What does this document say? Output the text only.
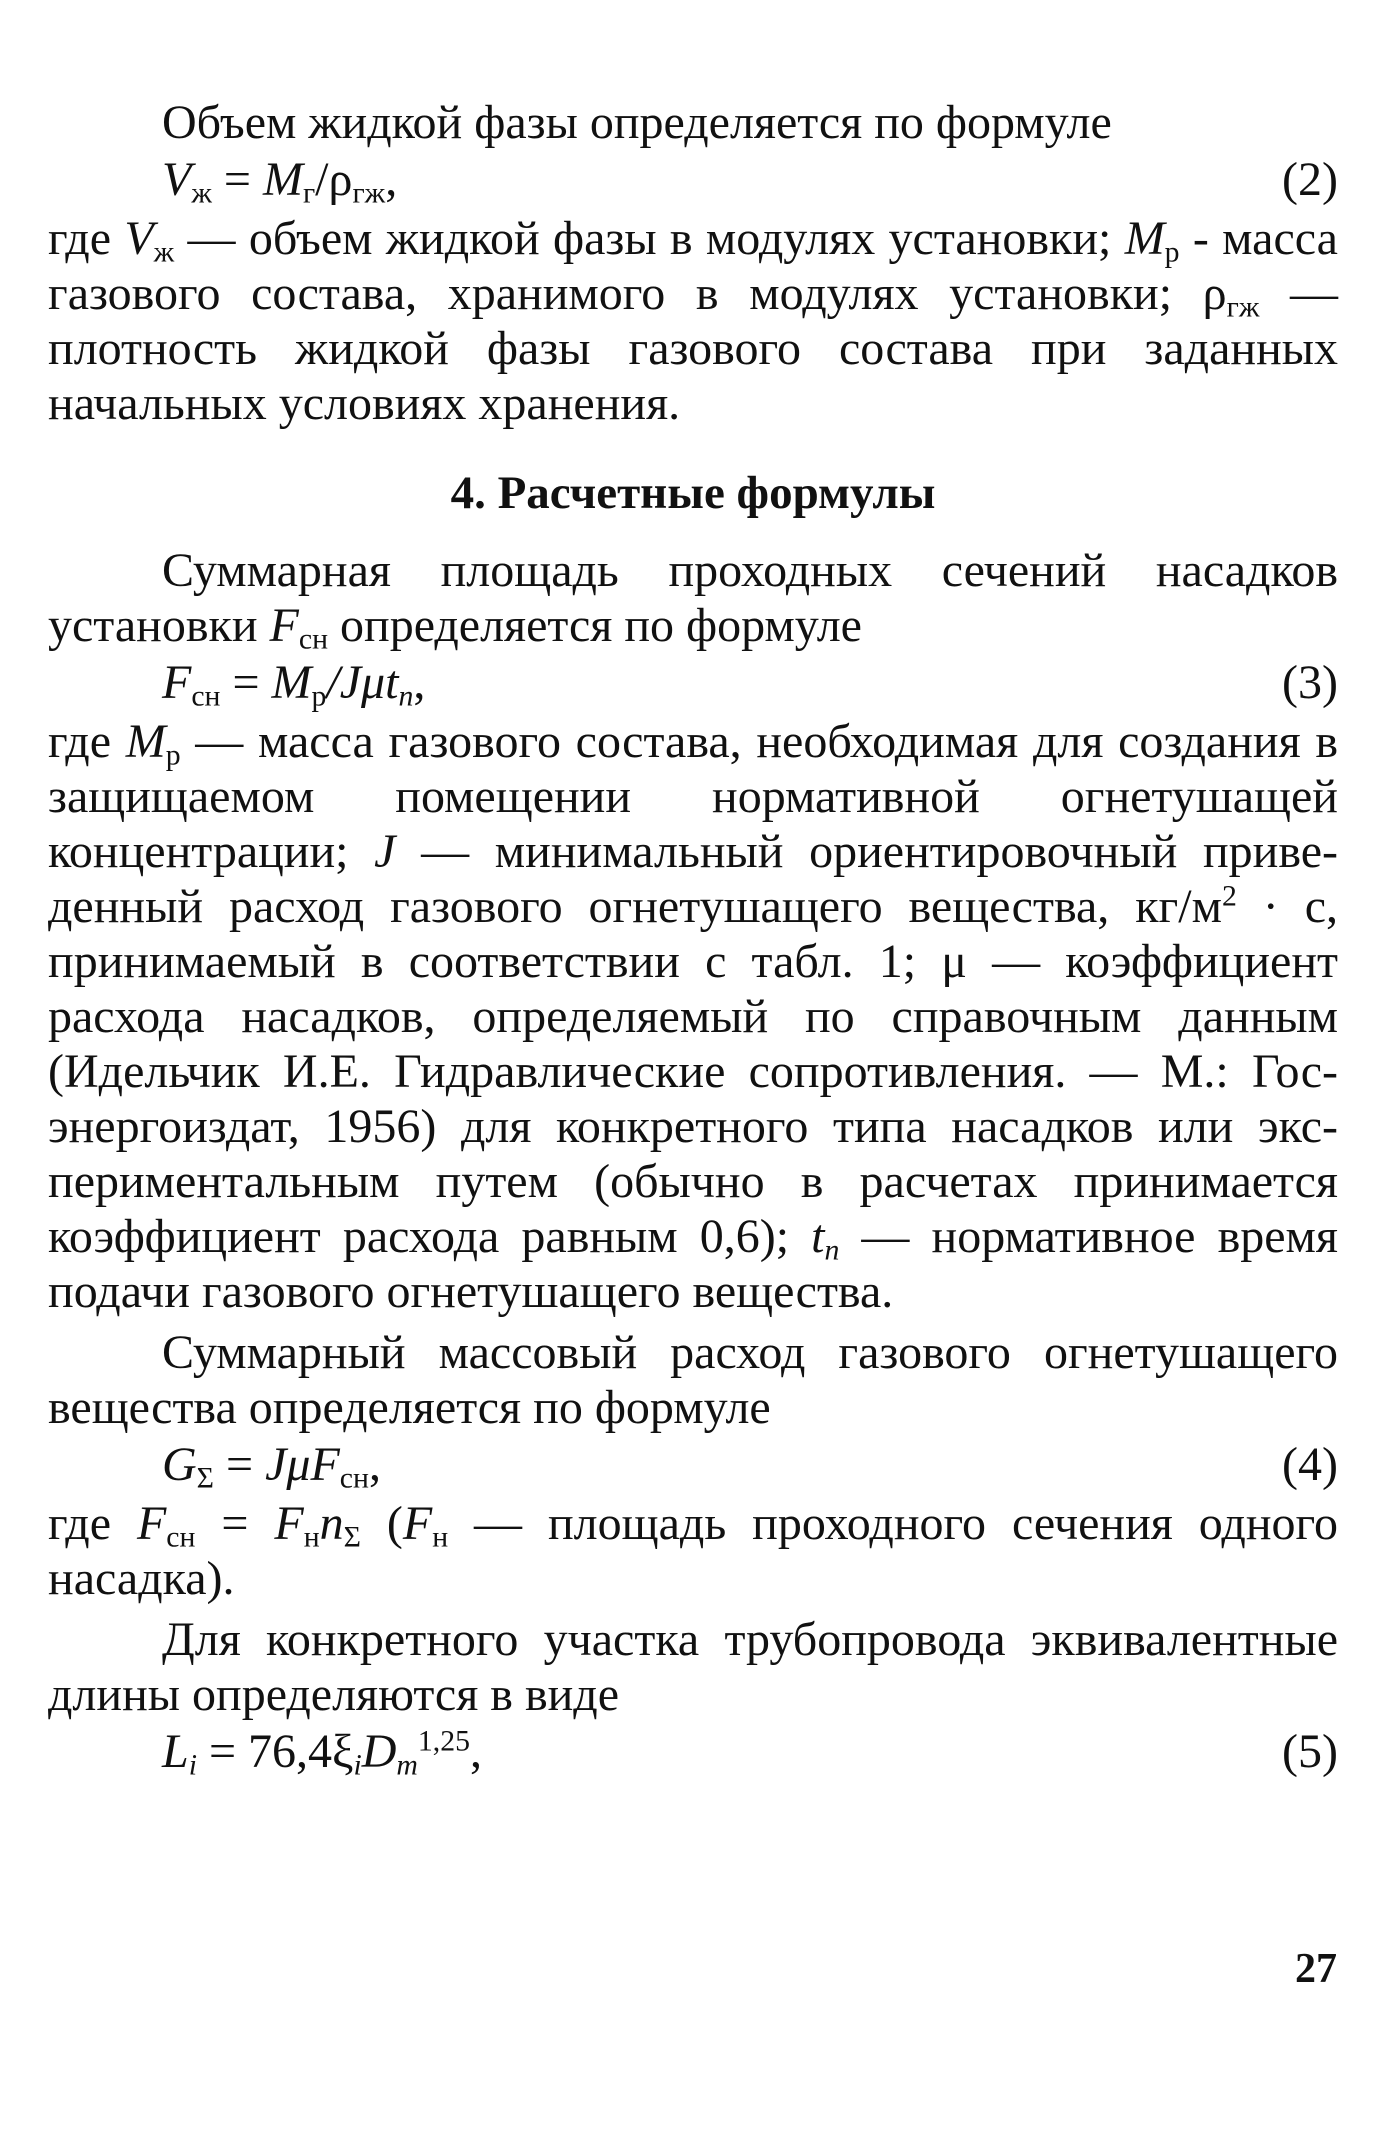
Объем жидкой фазы определяется по формуле

$V_ж = M_г/\rho_{гж}$,	(2)

где $V_ж$ — объем жидкой фазы в модулях установки; $M_р$ - масса газового состава, хранимого в модулях установки; $\rho_{гж}$ — плотность жидкой фазы газового состава при заданных начальных условиях хранения.

4. Расчетные формулы

Суммарная площадь проходных сечений насадков установки $F_{сн}$ определяется по формуле

$F_{сн} = M_р/J\mu t_n$,	(3)

где $M_р$ — масса газового состава, необходимая для создания в защищаемом помещении нормативной огнетушащей концентрации; J — минимальный ориентировочный приведенный расход газового огнетушащего вещества, $кг/м^2 \cdot с$, принимаемый в соответствии с табл. 1; μ — коэффициент расхода насадков, определяемый по справочным данным (Идельчик И.Е. Гидравлические сопротивления. — М.: Госэнергоиздат, 1956) для конкретного типа насадков или экспериментальным путем (обычно в расчетах принимается коэффициент расхода равным 0,6); $t_n$ — нормативное время подачи газового огнетушащего вещества.

Суммарный массовый расход газового огнетушащего вещества определяется по формуле

$G_\Sigma = J\mu F_{сн}$,	(4)

где $F_{сн} = F_нn_\Sigma$ ($F_н$ — площадь проходного сечения одного насадка).

Для конкретного участка трубопровода эквивалентные длины определяются в виде

$L_i = 76,4\xi_iD_m^{1,25}$,	(5)
27
